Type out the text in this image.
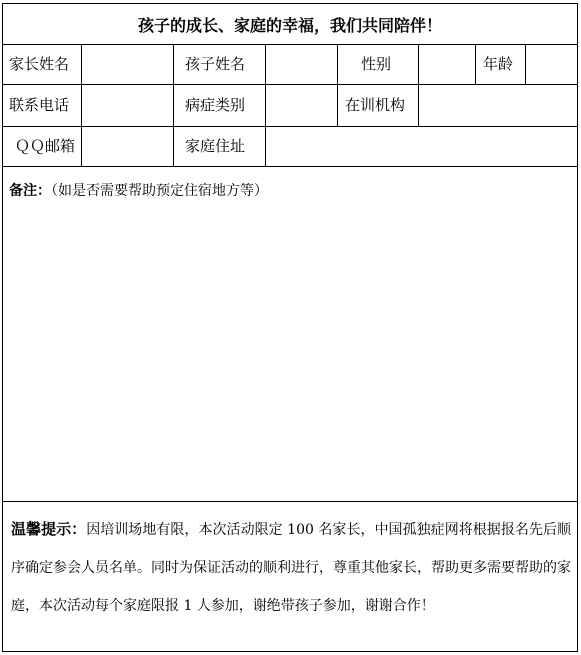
孩子的成长、家庭的幸福，我们共同陪伴！
家长姓名	孩子姓名	性别	年龄
联系电话	病症类别	在训机构
ＱＱ邮箱	家庭住址
备注：（如是否需要帮助预定住宿地方等）
温馨提示：因培训场地有限，本次活动限定 100 名家长，中国孤独症网将根据报名先后顺序确定参会人员名单。同时为保证活动的顺利进行，尊重其他家长，帮助更多需要帮助的家庭，本次活动每个家庭限报 1 人参加，谢绝带孩子参加，谢谢合作！
